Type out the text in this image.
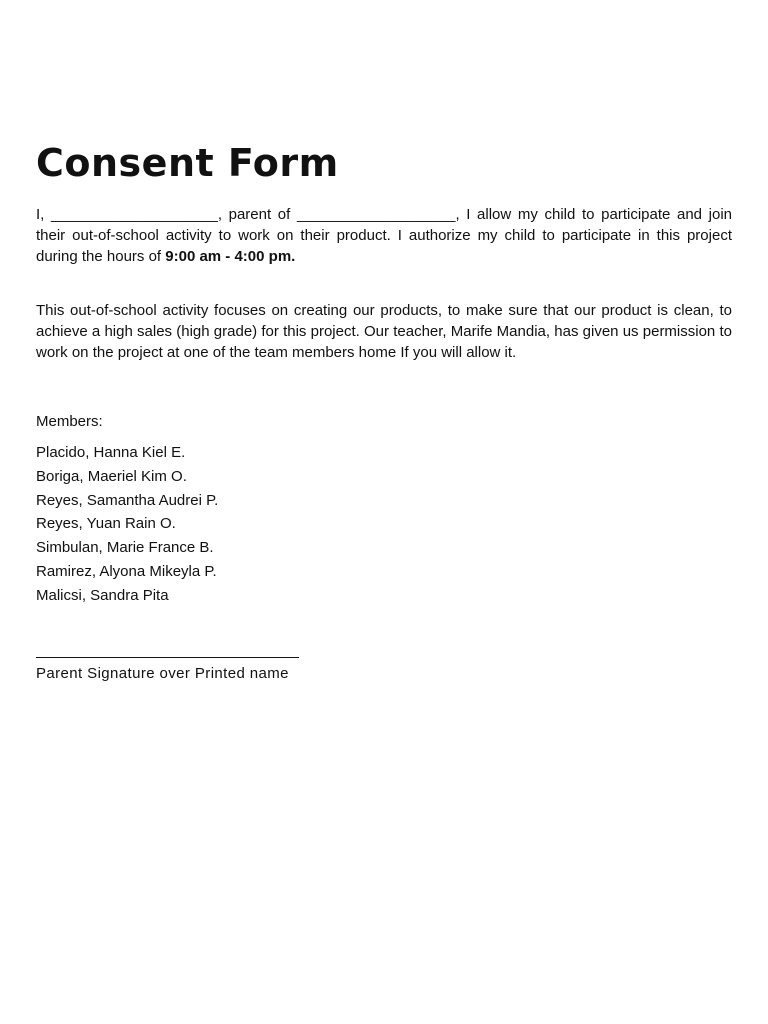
Consent Form

I, ____________________, parent of ___________________, I allow my child to participate and join their out-of-school activity to work on their product. I authorize my child to participate in this project during the hours of 9:00 am - 4:00 pm.

This out-of-school activity focuses on creating our products, to make sure that our product is clean, to achieve a high sales (high grade) for this project. Our teacher, Marife Mandia, has given us permission to work on the project at one of the team members home If you will allow it.

Members:
Placido, Hanna Kiel E.
Boriga, Maeriel Kim O.
Reyes, Samantha Audrei P.
Reyes, Yuan Rain O.
Simbulan, Marie France B.
Ramirez, Alyona Mikeyla P.
Malicsi, Sandra Pita
Parent Signature over Printed name
